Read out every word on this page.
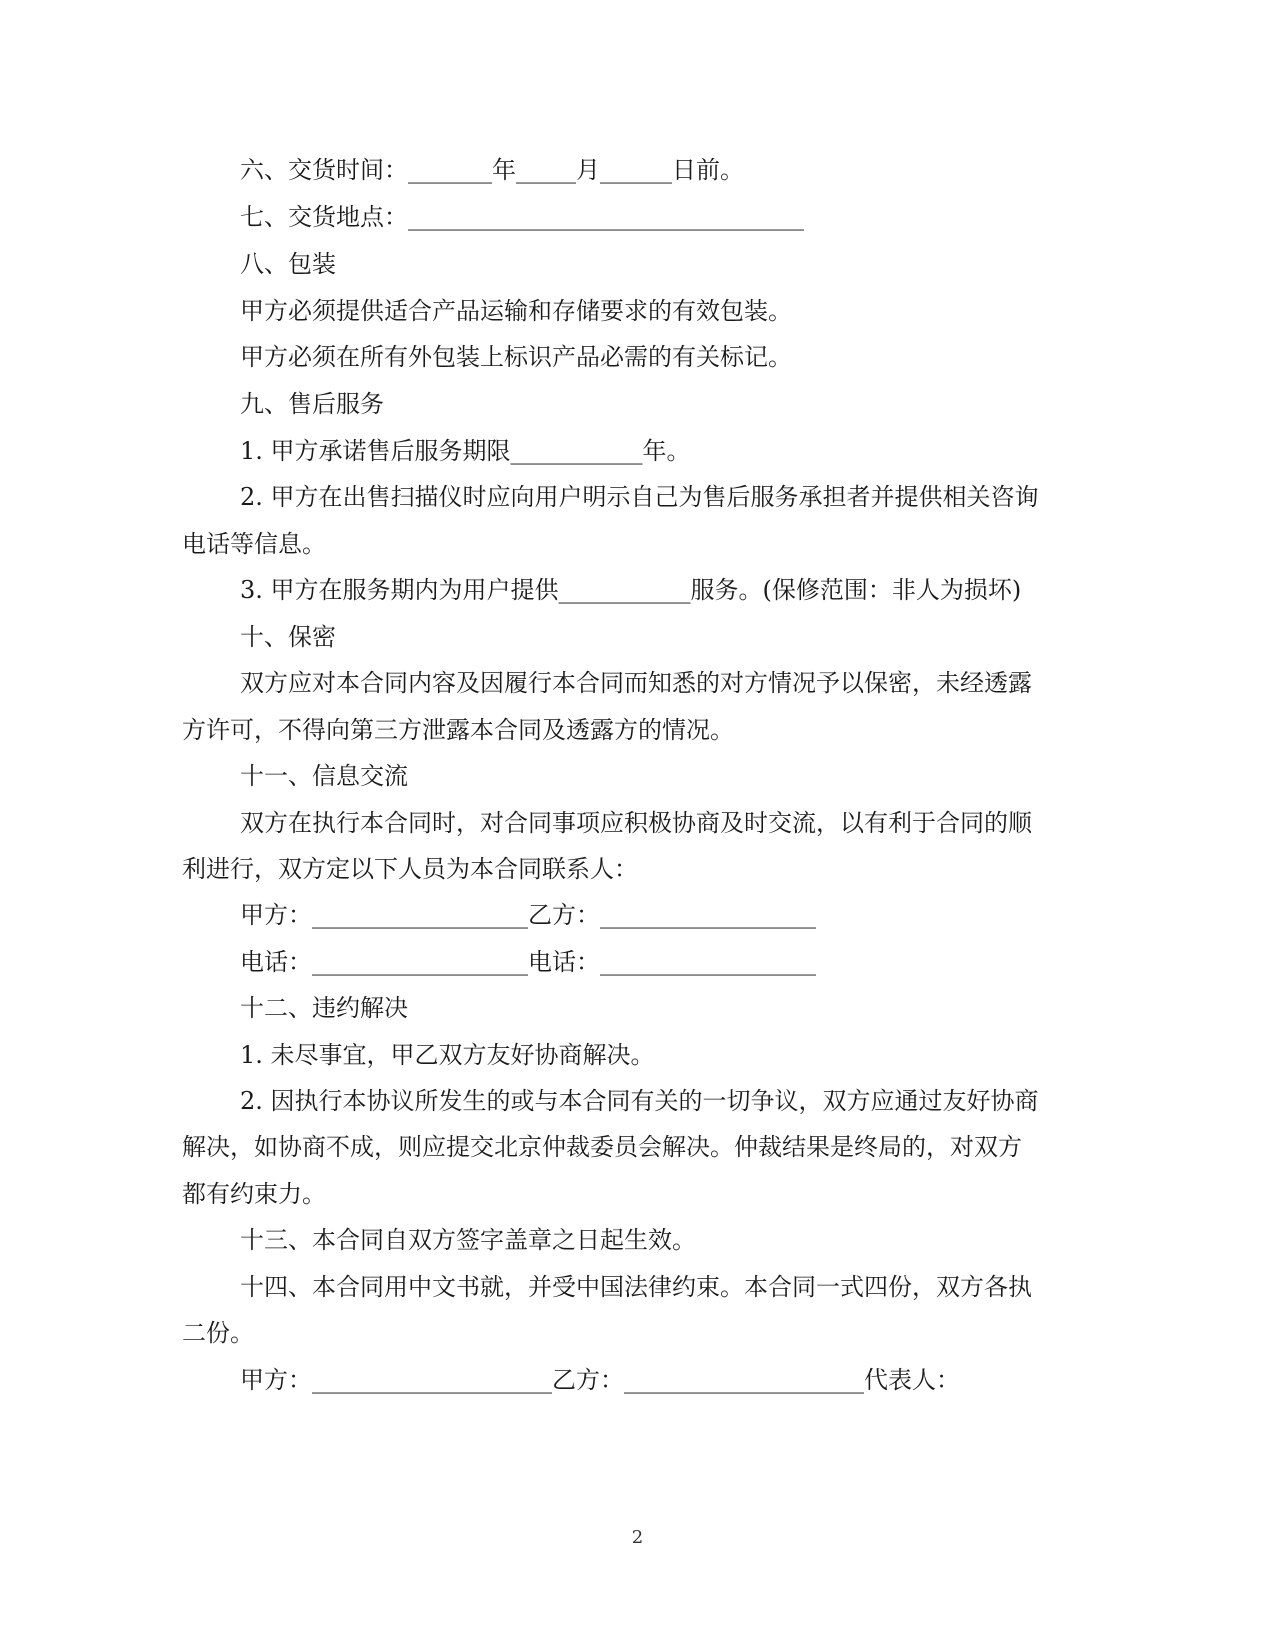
六、交货时间：_______年_____月______日前。
七、交货地点：_________________________________
八、包装
甲方必须提供适合产品运输和存储要求的有效包装。
甲方必须在所有外包装上标识产品必需的有关标记。
九、售后服务
1. 甲方承诺售后服务期限___________年。
2. 甲方在出售扫描仪时应向用户明示自己为售后服务承担者并提供相关咨询
电话等信息。
3. 甲方在服务期内为用户提供___________服务。(保修范围：非人为损坏)
十、保密
双方应对本合同内容及因履行本合同而知悉的对方情况予以保密，未经透露
方许可，不得向第三方泄露本合同及透露方的情况。
十一、信息交流
双方在执行本合同时，对合同事项应积极协商及时交流，以有利于合同的顺
利进行，双方定以下人员为本合同联系人：
甲方：__________________乙方：__________________
电话：__________________电话：__________________
十二、违约解决
1. 未尽事宜，甲乙双方友好协商解决。
2. 因执行本协议所发生的或与本合同有关的一切争议，双方应通过友好协商
解决，如协商不成，则应提交北京仲裁委员会解决。仲裁结果是终局的，对双方
都有约束力。
十三、本合同自双方签字盖章之日起生效。
十四、本合同用中文书就，并受中国法律约束。本合同一式四份，双方各执
二份。
甲方：____________________乙方：____________________代表人：
2
